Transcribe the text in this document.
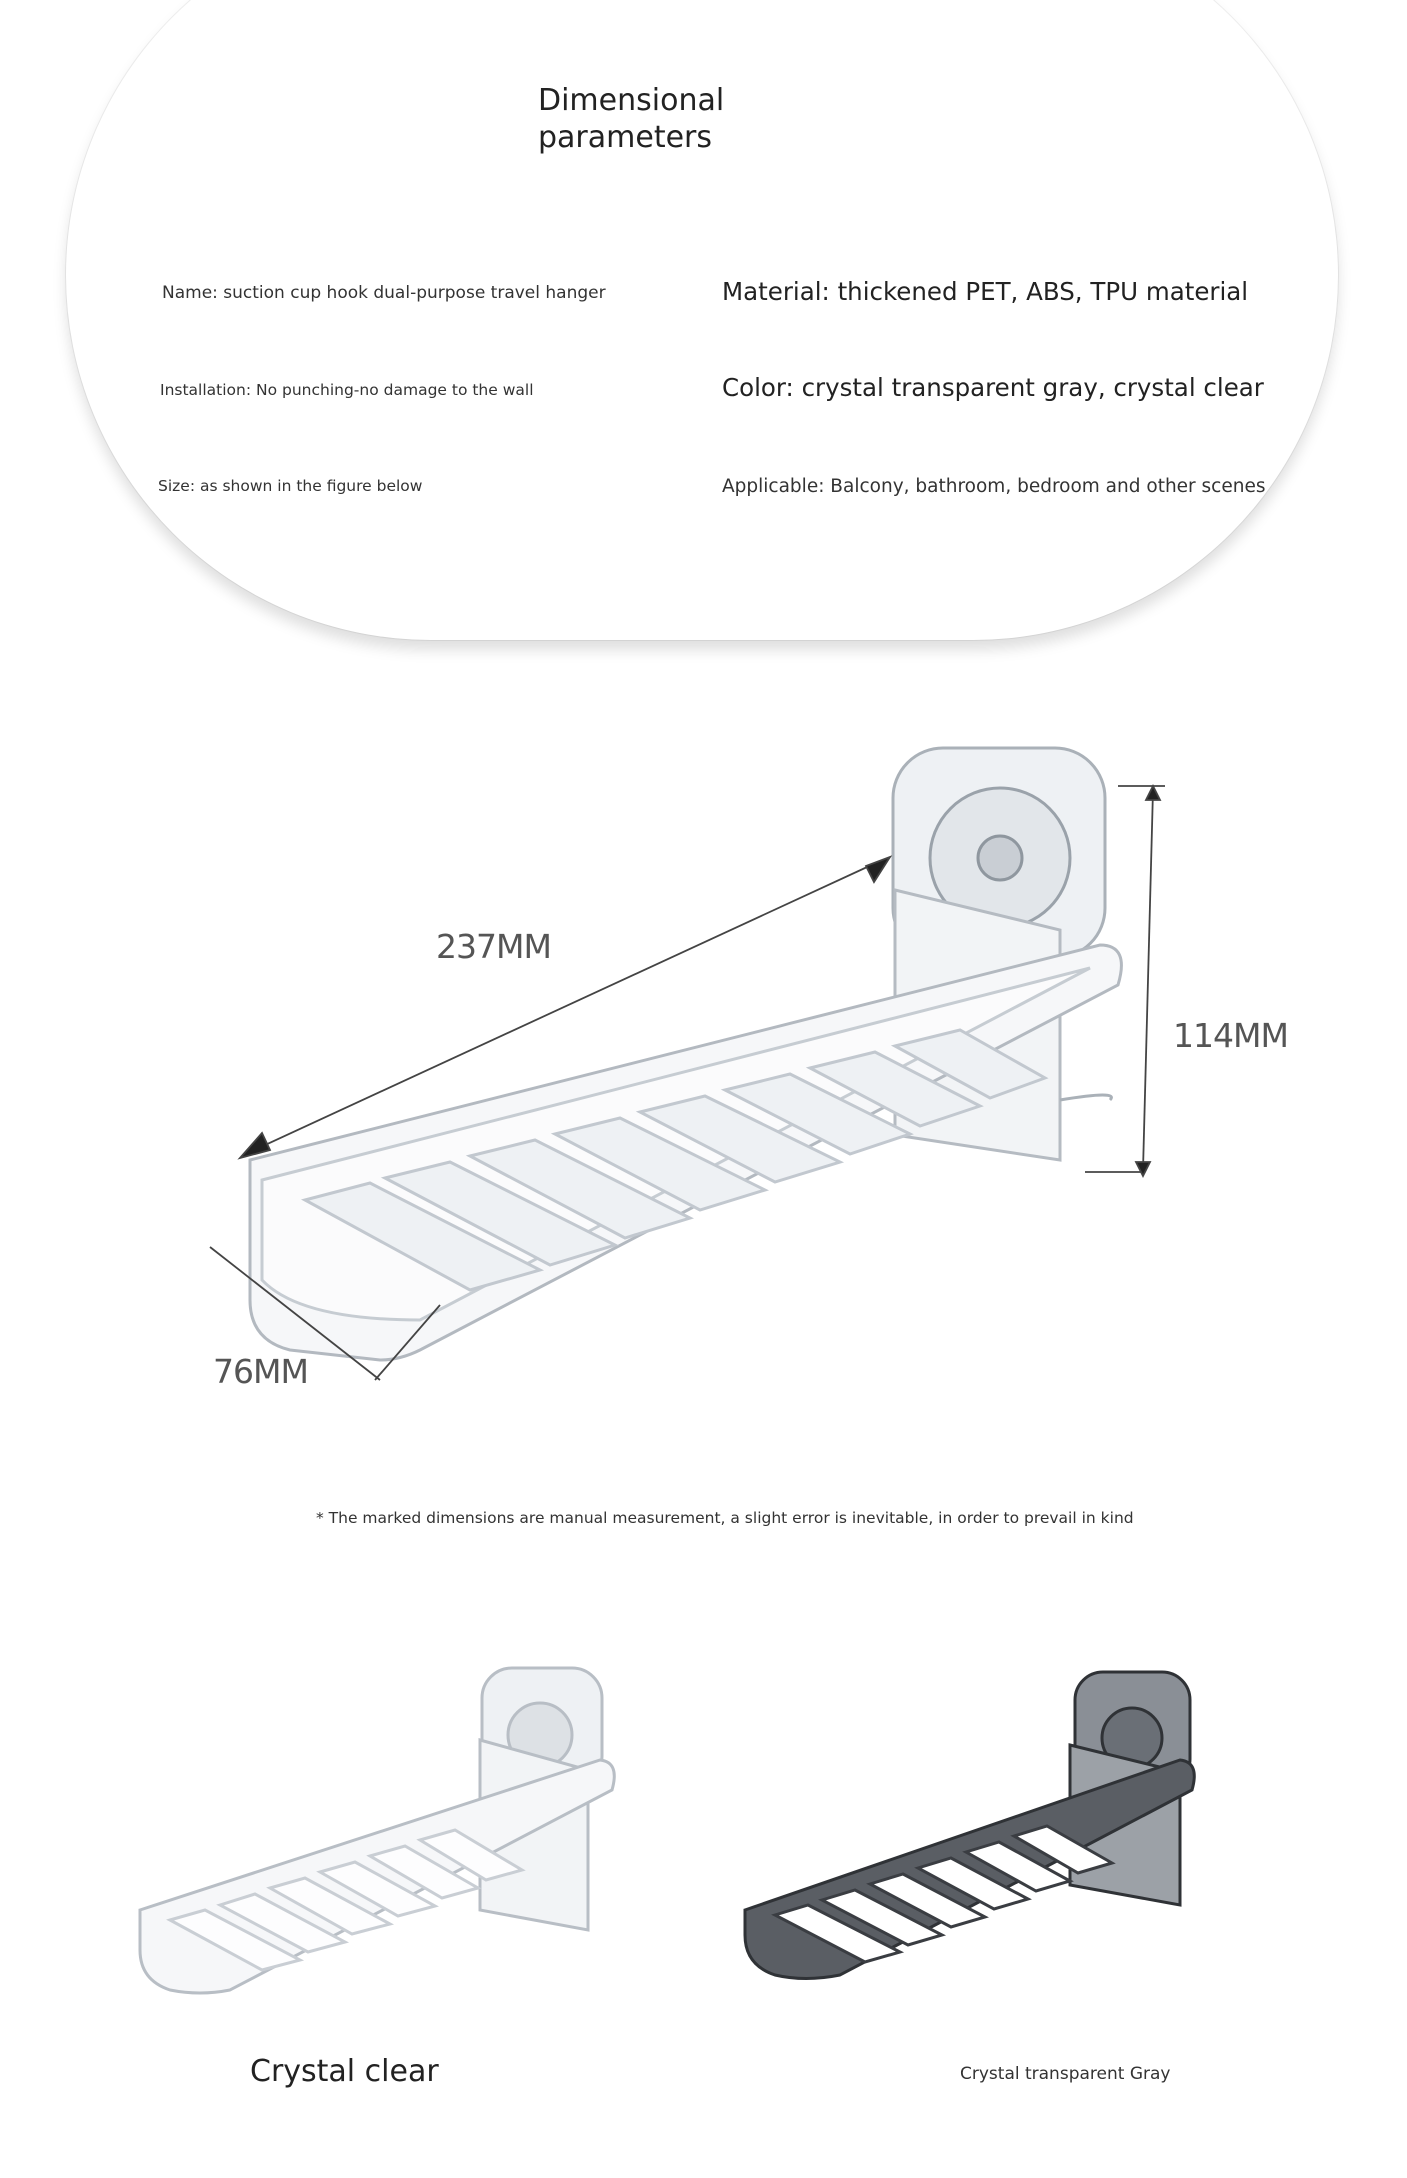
Dimensional parameters
Name: suction cup hook dual-purpose travel hanger	Material: thickened PET, ABS, TPU material
Installation: No punching-no damage to the wall	Color: crystal transparent gray, crystal clear
Size: as shown in the figure below	Applicable: Balcony, bathroom, bedroom and other scenes
237MM
114MM
76MM
* The marked dimensions are manual measurement, a slight error is inevitable, in order to prevail in kind
Crystal clear	Crystal transparent Gray
